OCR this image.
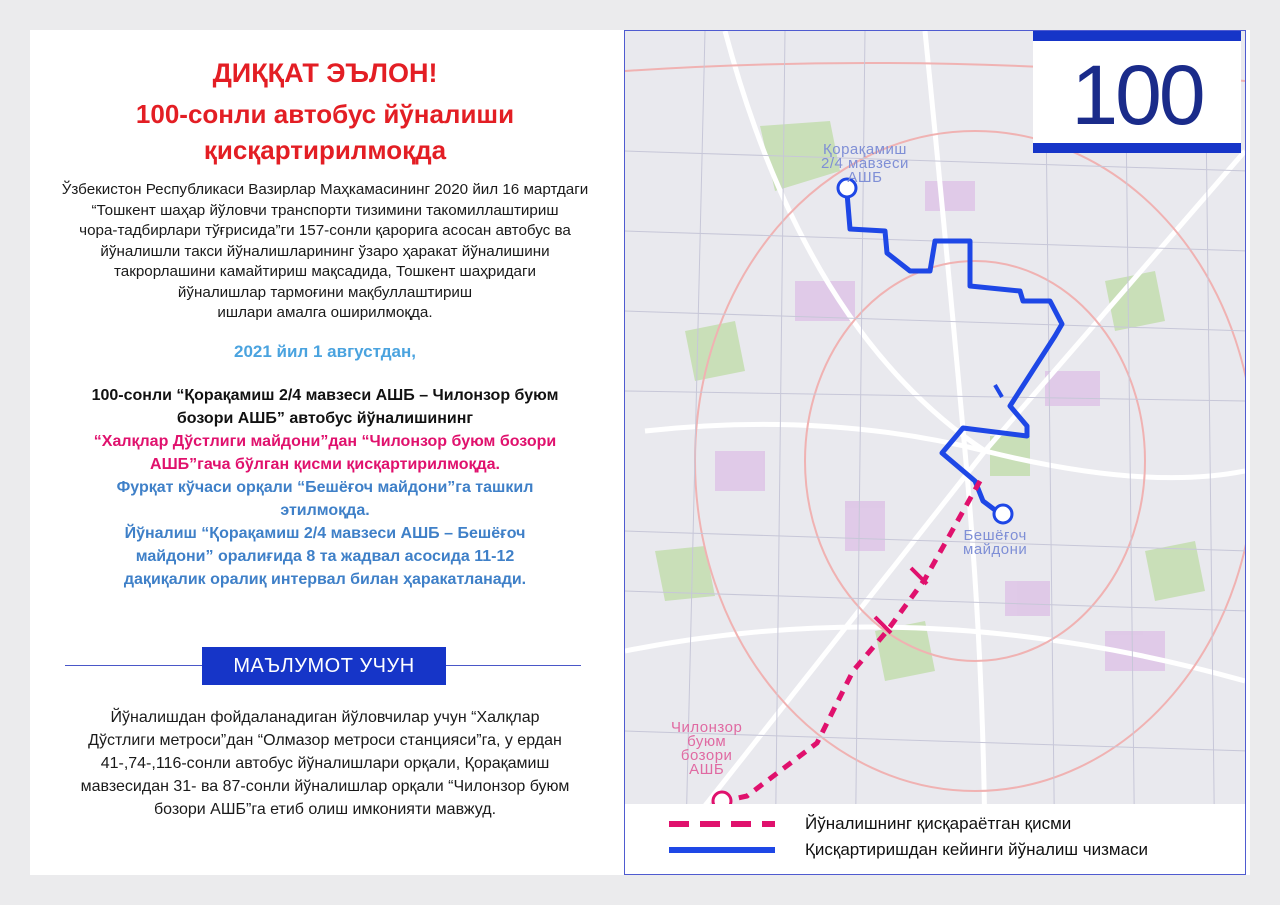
ДИҚҚАТ ЭЪЛОН!
100-сонли автобус йўналиши
қисқартирилмоқда
Ўзбекистон Республикаси Вазирлар Маҳкамасининг 2020 йил 16 мартдаги
“Тошкент шаҳар йўловчи транспорти тизимини такомиллаштириш
чора-тадбирлари тўғрисида”ги 157-сонли қарорига асосан автобус ва
йўналишли такси йўналишларининг ўзаро ҳаракат йўналишини
такрорлашини камайтириш мақсадида, Тошкент шаҳридаги
йўналишлар тармоғини мақбуллаштириш
ишлари амалга оширилмоқда.
2021 йил 1 августдан,
100-сонли “Қорақамиш 2/4 мавзеси АШБ – Чилонзор буюм
бозори АШБ” автобус йўналишининг
“Халқлар Дўстлиги майдони”дан “Чилонзор буюм бозори
АШБ”гача бўлган қисми қисқартирилмоқда.
Фурқат кўчаси орқали “Бешёғоч майдони”га ташкил
этилмоқда.
Йўналиш “Қорақамиш 2/4 мавзеси АШБ – Бешёғоч
майдони” оралиғида 8 та жадвал асосида 11-12
дақиқалик оралиқ интервал билан ҳаракатланади.
МАЪЛУМОТ УЧУН
Йўналишдан фойдаланадиган йўловчилар учун “Халқлар
Дўстлиги метроси”дан “Олмазор метроси станцияси”га, у ердан
41-,74-,116-сонли автобус йўналишлари орқали, Қорақамиш
мавзесидан 31- ва 87-сонли йўналишлар орқали “Чилонзор буюм
бозори АШБ”га етиб олиш имконияти мавжуд.
Қорақамиш
2/4 мавзеси
АШБ
Бешёғоч
майдони
Чилонзор
буюм
бозори
АШБ
100
Йўналишнинг қисқараётган қисми
Қисқартиришдан кейинги йўналиш чизмаси
